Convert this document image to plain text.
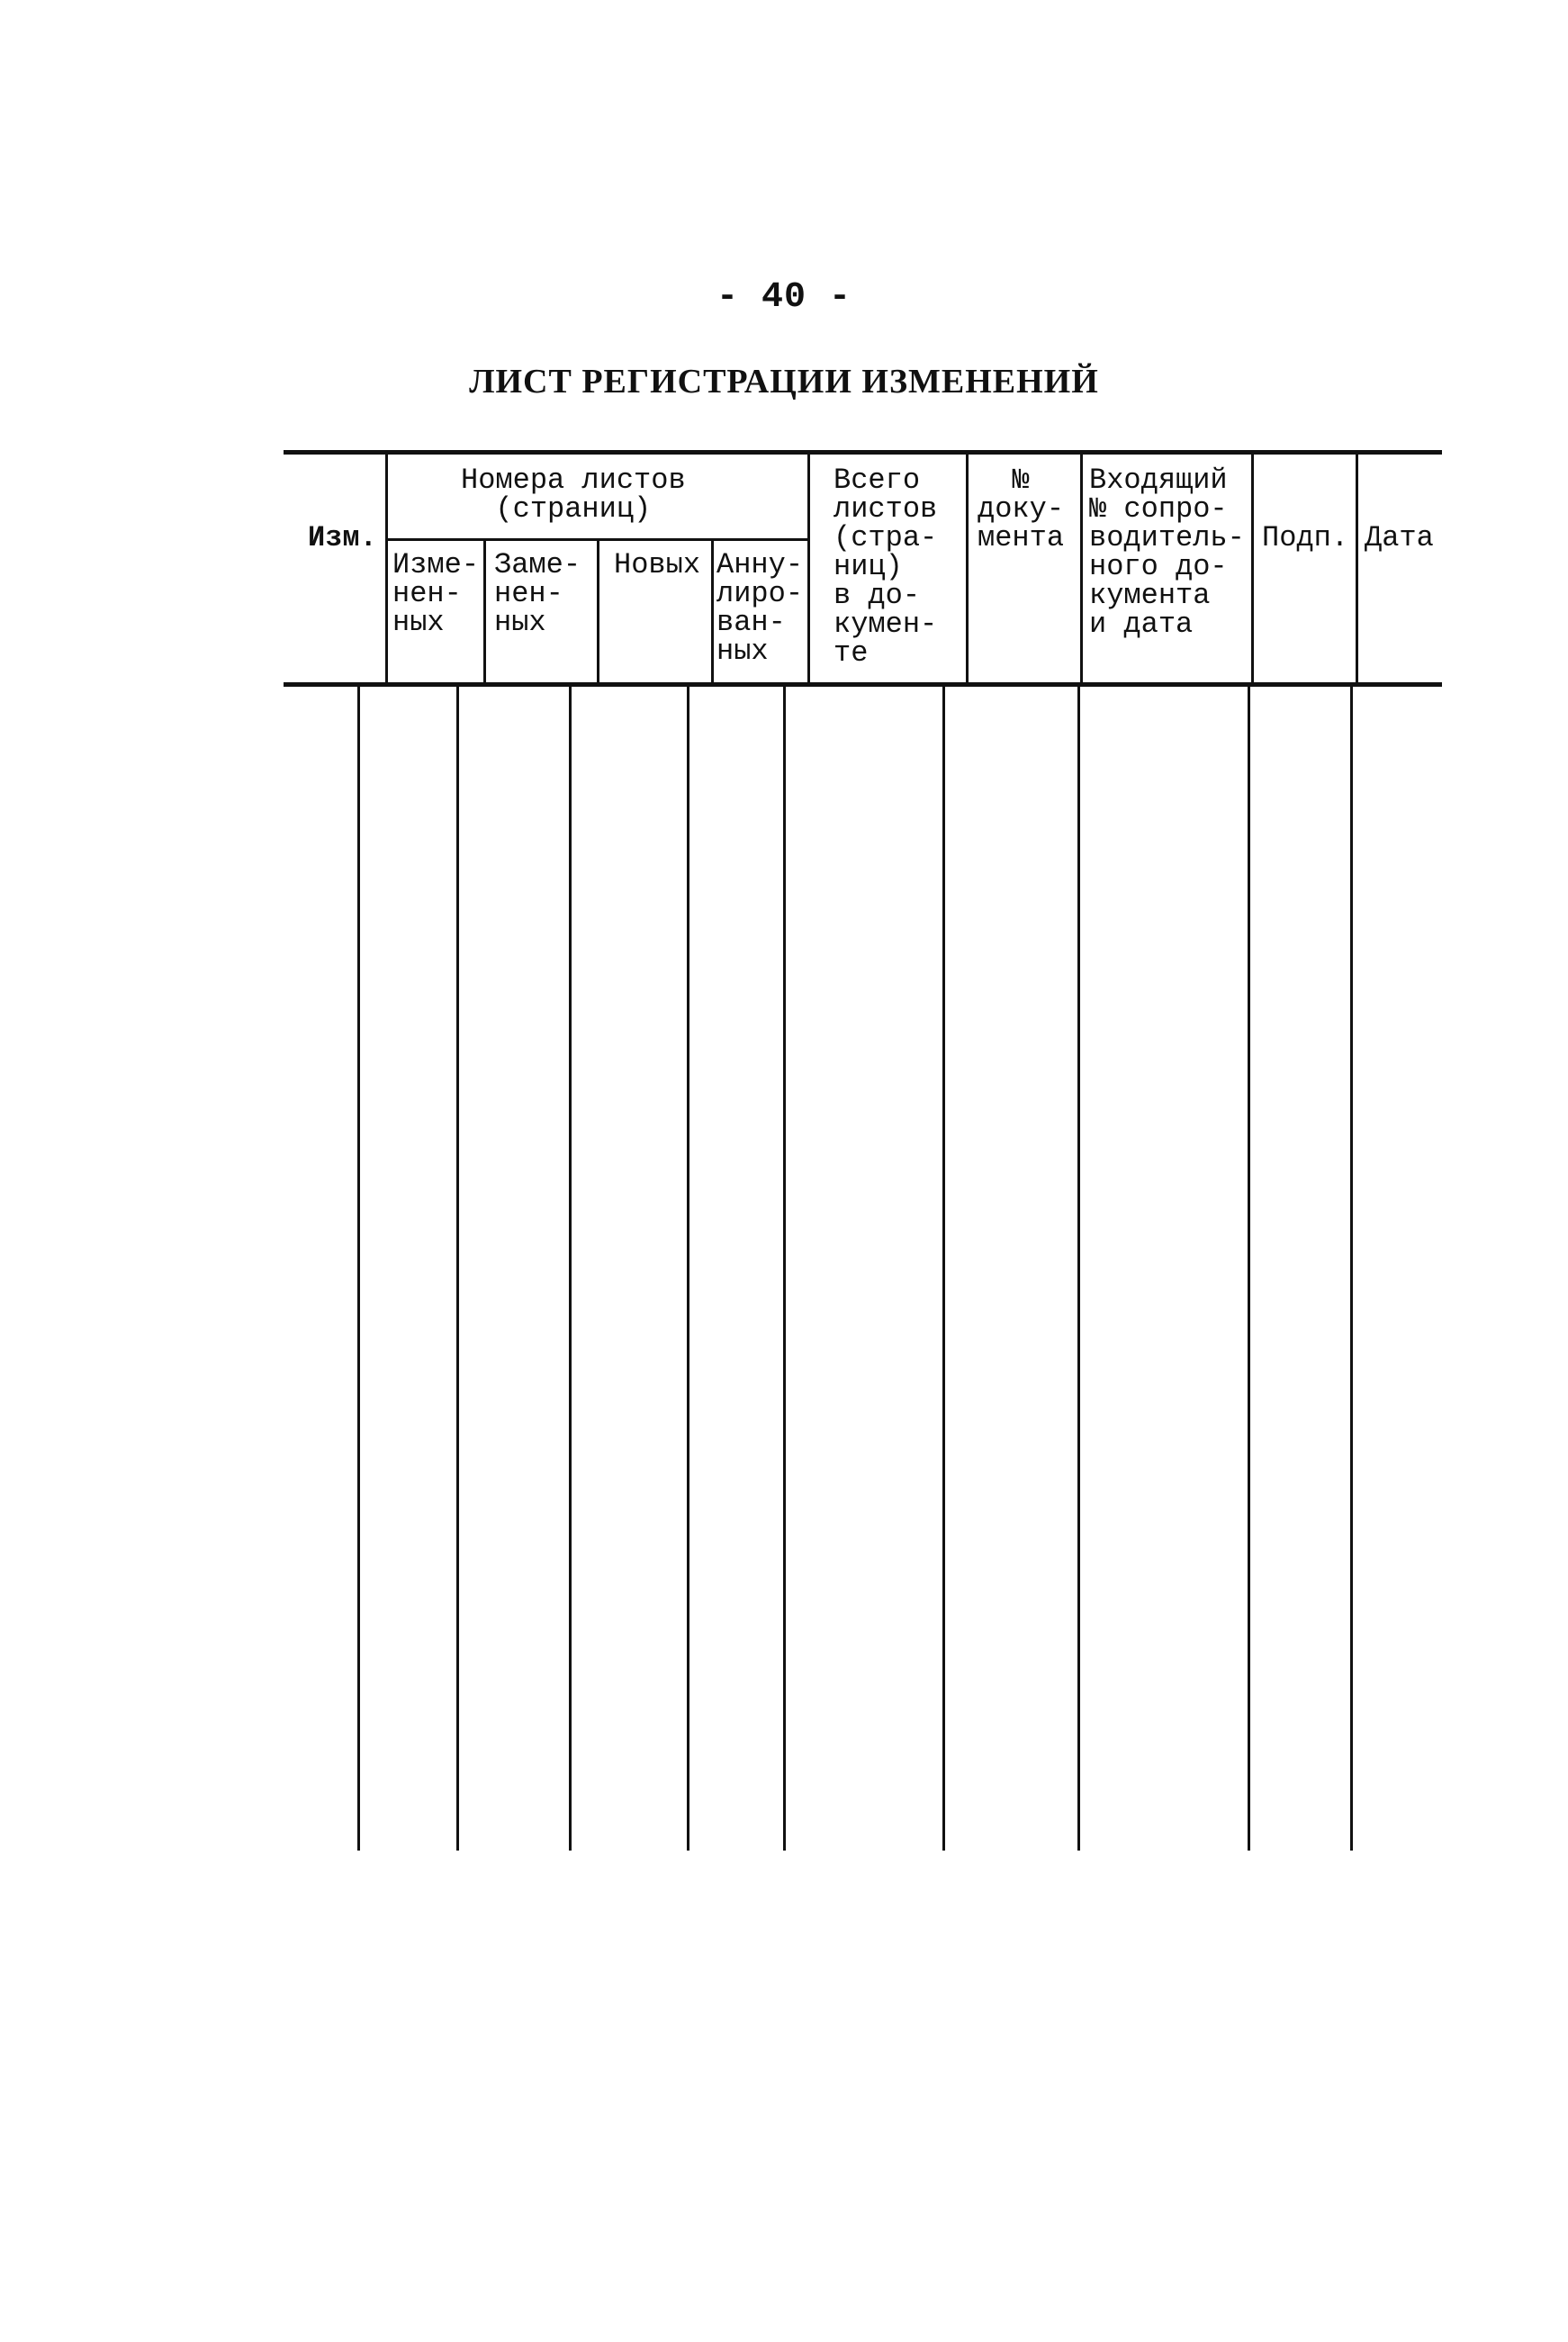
- 40 -
ЛИСТ РЕГИСТРАЦИИ ИЗМЕНЕНИЙ
Изм.
Номера листов
(страниц)
Изме-
нен-
ных
Заме-
нен-
ных
Новых Анну-
лиро-
ван-
ных
Всего
листов
(стра-
ниц)
в до-
кумен-
те
№
доку-
мента
Входящий
№ сопро-
водитель-
ного до-
кумента
и дата
Подп. Дата
